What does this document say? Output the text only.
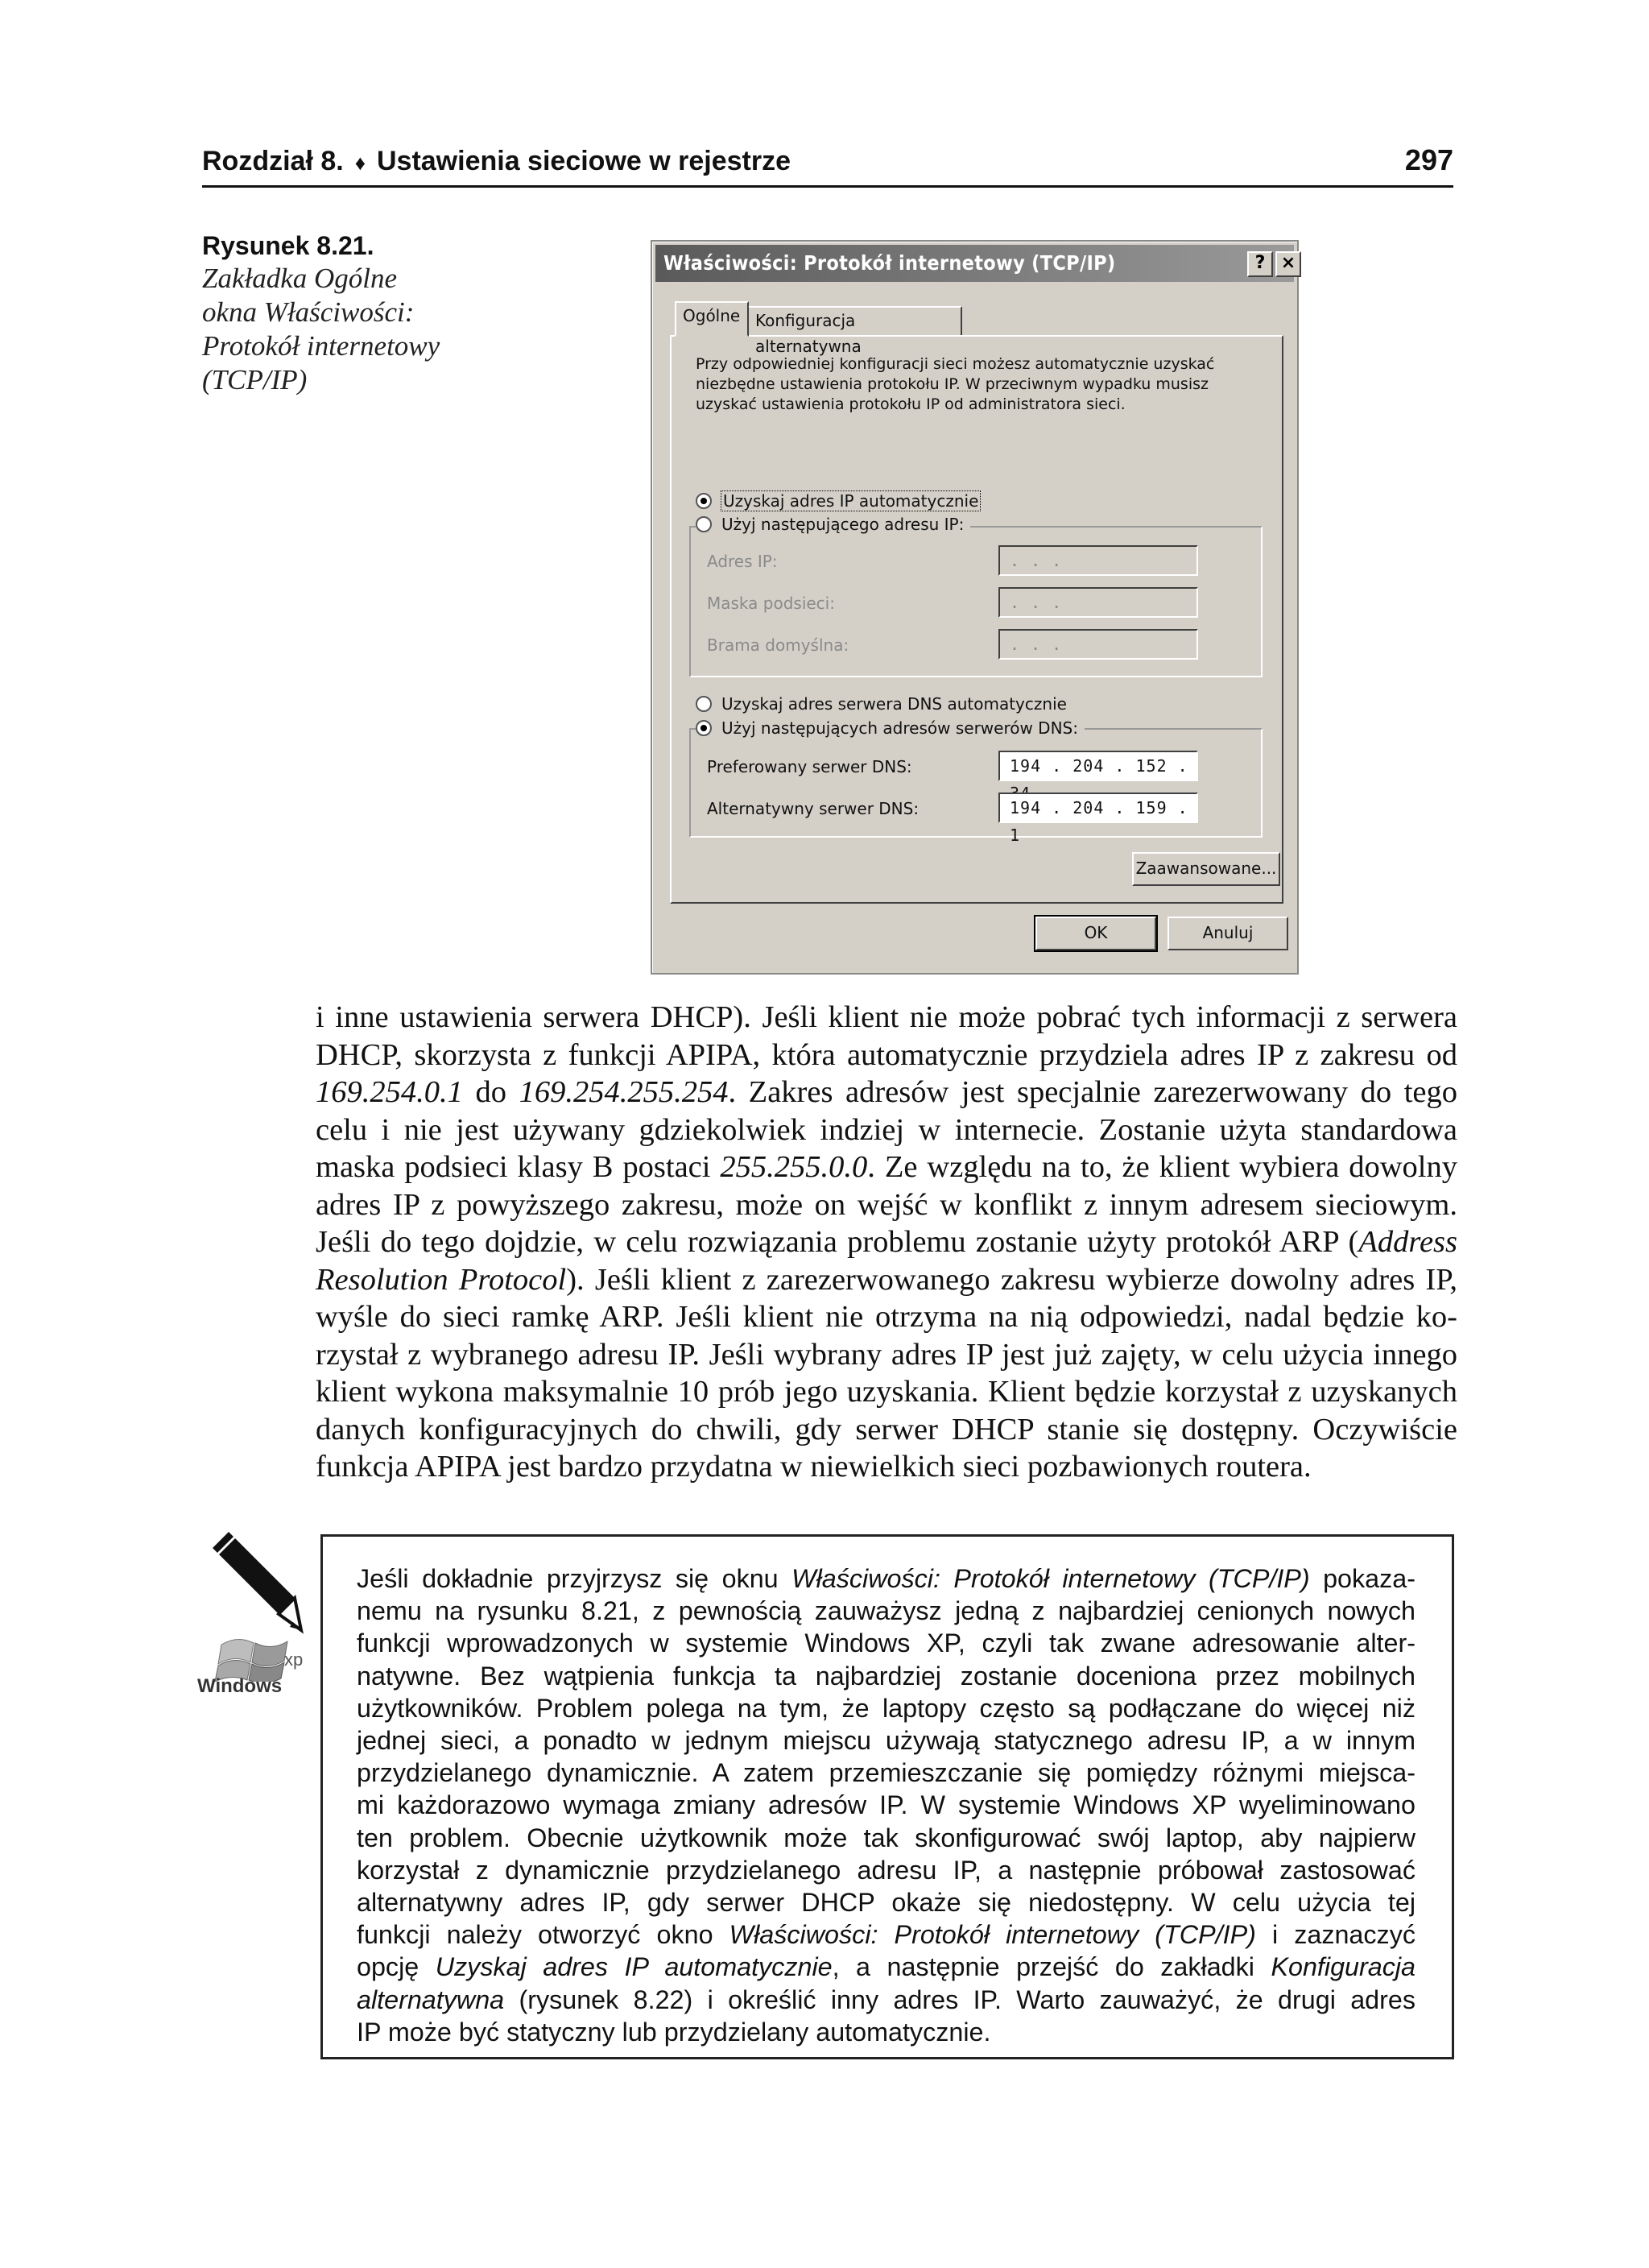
Rozdział 8. ♦ Ustawienia sieciowe w rejestrze	297
Rysunek 8.21.
Zakładka Ogólne
okna Właściwości:
Protokół internetowy
(TCP/IP)
Właściwości: Protokół internetowy (TCP/IP)	? ×
Ogólne Konfiguracja alternatywna
Przy odpowiedniej konfiguracji sieci możesz automatycznie uzyskać
niezbędne ustawienia protokołu IP. W przeciwnym wypadku musisz
uzyskać ustawienia protokołu IP od administratora sieci.
Uzyskaj adres IP automatycznie
Adres IP:	. . .
Maska podsieci:	. . .
Brama domyślna:	. . .
Użyj następującego adresu IP:
Uzyskaj adres serwera DNS automatycznie
Preferowany serwer DNS:	194 . 204 . 152 .
Alternatywny serwer DNS:	194 . 204 . 159 . 1
Użyj następujących adresów serwerów DNS:
Zaawansowane...
OK	Anuluj

i inne ustawienia serwera DHCP). Jeśli klient nie może pobrać tych informacji z serwera
DHCP, skorzysta z funkcji APIPA, która automatycznie przydziela adres IP z zakresu od
169.254.0.1 do 169.254.255.254. Zakres adresów jest specjalnie zarezerwowany do tego
celu i nie jest używany gdziekolwiek indziej w internecie. Zostanie użyta standardowa
maska podsieci klasy B postaci 255.255.0.0. Ze względu na to, że klient wybiera dowolny
adres IP z powyższego zakresu, może on wejść w konflikt z innym adresem sieciowym.
Jeśli do tego dojdzie, w celu rozwiązania problemu zostanie użyty protokół ARP (Address
Resolution Protocol). Jeśli klient z zarezerwowanego zakresu wybierze dowolny adres IP,
wyśle do sieci ramkę ARP. Jeśli klient nie otrzyma na nią odpowiedzi, nadal będzie ko-
rzystał z wybranego adresu IP. Jeśli wybrany adres IP jest już zajęty, w celu użycia innego
klient wykona maksymalnie 10 prób jego uzyskania. Klient będzie korzystał z uzyskanych
danych konfiguracyjnych do chwili, gdy serwer DHCP stanie się dostępny. Oczywiście
funkcja APIPA jest bardzo przydatna w niewielkich sieci pozbawionych routera.

Windows
xp

Jeśli dokładnie przyjrzysz się oknu Właściwości: Protokół internetowy (TCP/IP) pokaza-
nemu na rysunku 8.21, z pewnością zauważysz jedną z najbardziej cenionych nowych
funkcji wprowadzonych w systemie Windows XP, czyli tak zwane adresowanie alter-
natywne. Bez wątpienia funkcja ta najbardziej zostanie doceniona przez mobilnych
użytkowników. Problem polega na tym, że laptopy często są podłączane do więcej niż
jednej sieci, a ponadto w jednym miejscu używają statycznego adresu IP, a w innym
przydzielanego dynamicznie. A zatem przemieszczanie się pomiędzy różnymi miejsca-
mi każdorazowo wymaga zmiany adresów IP. W systemie Windows XP wyeliminowano
ten problem. Obecnie użytkownik może tak skonfigurować swój laptop, aby najpierw
korzystał z dynamicznie przydzielanego adresu IP, a następnie próbował zastosować
alternatywny adres IP, gdy serwer DHCP okaże się niedostępny. W celu użycia tej
funkcji należy otworzyć okno Właściwości: Protokół internetowy (TCP/IP) i zaznaczyć
opcję Uzyskaj adres IP automatycznie, a następnie przejść do zakładki Konfiguracja
alternatywna (rysunek 8.22) i określić inny adres IP. Warto zauważyć, że drugi adres
IP może być statyczny lub przydzielany automatycznie.
